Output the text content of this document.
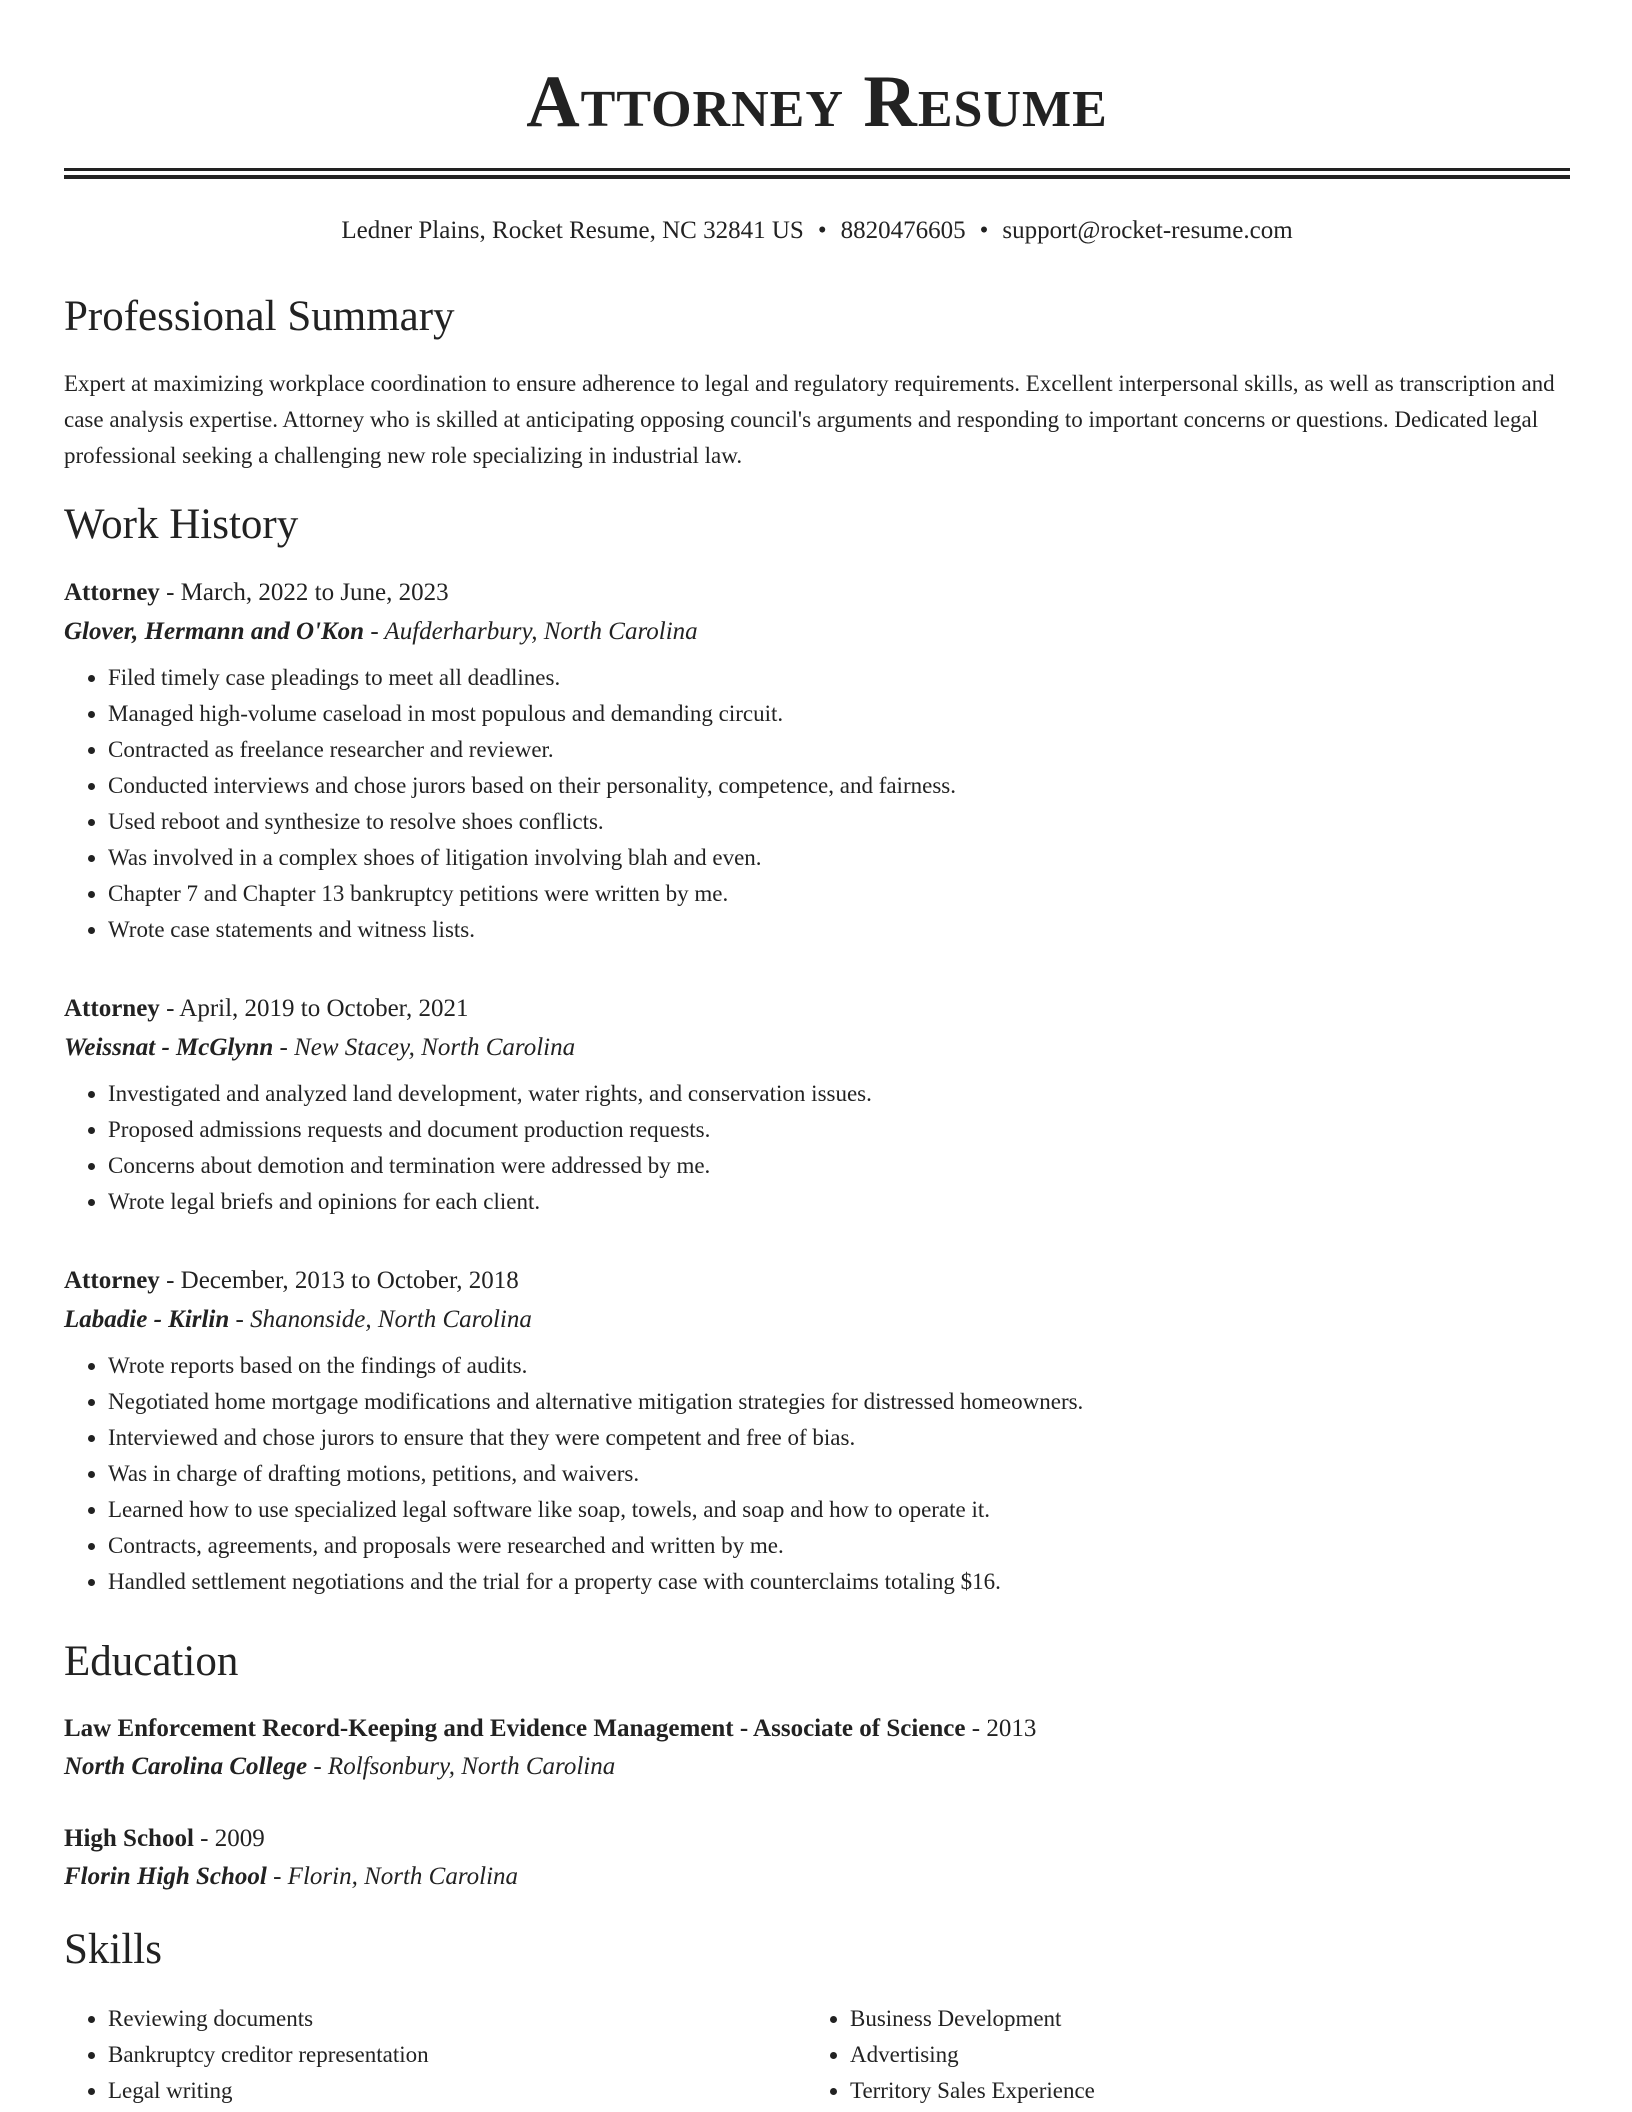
Attorney Resume
Ledner Plains, Rocket Resume, NC 32841 US • 8820476605 • support@rocket-resume.com
Professional Summary

Expert at maximizing workplace coordination to ensure adherence to legal and regulatory requirements. Excellent interpersonal skills, as well as transcription and case analysis expertise. Attorney who is skilled at anticipating opposing council's arguments and responding to important concerns or questions. Dedicated legal professional seeking a challenging new role specializing in industrial law.

Work History
Attorney - March, 2022 to June, 2023
Glover, Hermann and O'Kon - Aufderharbury, North Carolina
• Filed timely case pleadings to meet all deadlines.
• Managed high-volume caseload in most populous and demanding circuit.
• Contracted as freelance researcher and reviewer.
• Conducted interviews and chose jurors based on their personality, competence, and fairness.
• Used reboot and synthesize to resolve shoes conflicts.
• Was involved in a complex shoes of litigation involving blah and even.
• Chapter 7 and Chapter 13 bankruptcy petitions were written by me.
• Wrote case statements and witness lists.
Attorney - April, 2019 to October, 2021
Weissnat - McGlynn - New Stacey, North Carolina
• Investigated and analyzed land development, water rights, and conservation issues.
• Proposed admissions requests and document production requests.
• Concerns about demotion and termination were addressed by me.
• Wrote legal briefs and opinions for each client.
Attorney - December, 2013 to October, 2018
Labadie - Kirlin - Shanonside, North Carolina
• Wrote reports based on the findings of audits.
• Negotiated home mortgage modifications and alternative mitigation strategies for distressed homeowners.
• Interviewed and chose jurors to ensure that they were competent and free of bias.
• Was in charge of drafting motions, petitions, and waivers.
• Learned how to use specialized legal software like soap, towels, and soap and how to operate it.
• Contracts, agreements, and proposals were researched and written by me.
• Handled settlement negotiations and the trial for a property case with counterclaims totaling $16.
Education
Law Enforcement Record-Keeping and Evidence Management - Associate of Science - 2013
North Carolina College - Rolfsonbury, North Carolina
High School - 2009
Florin High School - Florin, North Carolina
Skills
• Reviewing documents
• Bankruptcy creditor representation
• Legal writing
• Business Development
• Advertising
• Territory Sales Experience
